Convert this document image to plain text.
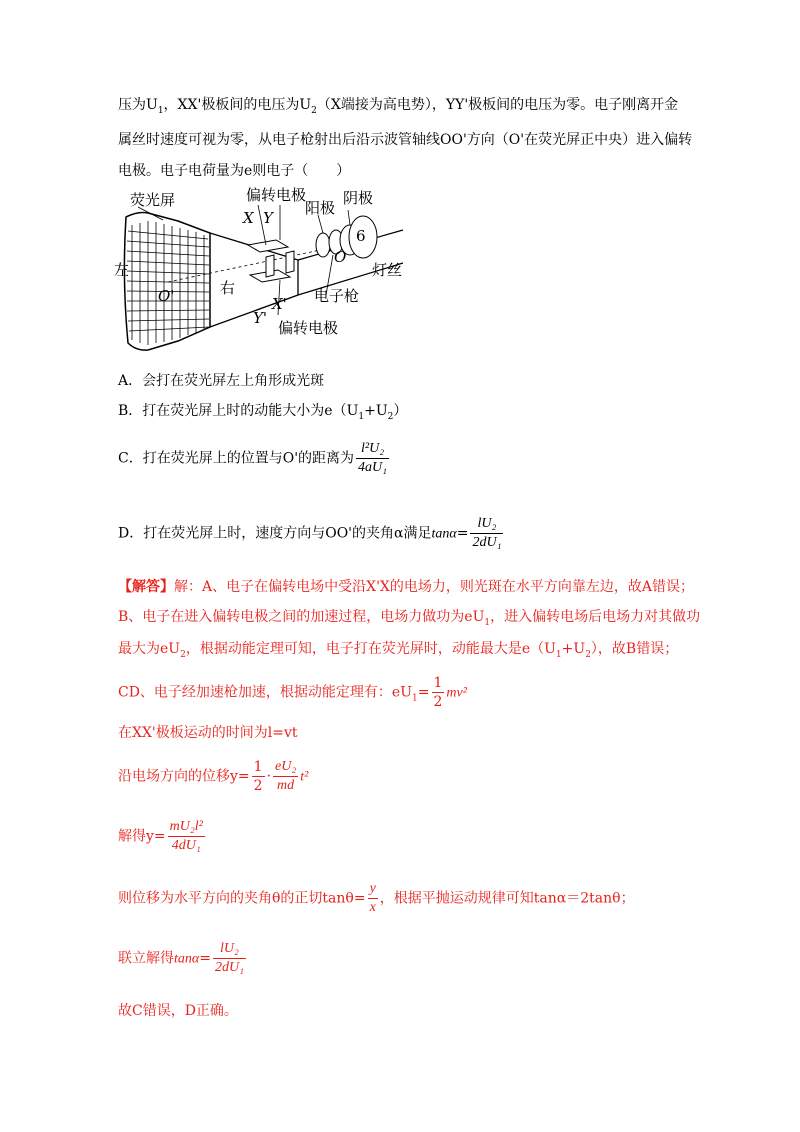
压为$U_1$，XX'极板间的电压为$U_2(X$端接为高电势），YY'极板间的电压为零。电子刚离开金
属丝时速度可视为零，从电子枪射出后沿示波管轴线OO'方向（O'在荧光屏正中央）进入偏转
电极。电子电荷量为e则电子（　　）
荧光屏	偏转电极
阳极
阴极
X Y
左
右
O'
O
6
灯丝
电子枪
X'
Y'
偏转电极
A．会打在荧光屏左上角形成光斑
B．打在荧光屏上时的动能大小为$e(U_1+U_2)$
C．打在荧光屏上的位置与O'的距离为 $\frac{\text{l²U₂}}{\text{4aU₁}}$
D．打在荧光屏上时，速度方向与OO'的夹角α满足$\tan\alpha= \frac{\text{lU₂}}{\text{2dU₁}}$
【解答】解：A、电子在偏转电场中受沿X'X的电场力，则光斑在水平方向靠左边，故A错误；
B、电子在进入偏转电极之间的加速过程，电场力做功为$eU_1$，进入偏转电场后电场力对其做功
最大为$eU_2$，根据动能定理可知，电子打在荧光屏时，动能最大是$e(U_1+U_2)$，故B错误；
CD、电子经加速枪加速，根据动能定理有：$eU_1= \frac{1}{2} mv^2$
在XX'极板运动的时间为l=vt
沿电场方向的位移$y= \frac{1}{2} \cdot \frac{\text{eU₂}}{md} t^2$
解得$y= \frac{\text{mU₂l²}}{\text{4dU₁}}$
则位移为水平方向的夹角θ的正切$\tan\theta= \frac{y}{x}$ ，根据平抛运动规律可知tanα＝2tanθ；
联立解得$\tan\alpha= \frac{\text{lU₂}}{\text{2dU₁}}$
故C错误，D正确。
